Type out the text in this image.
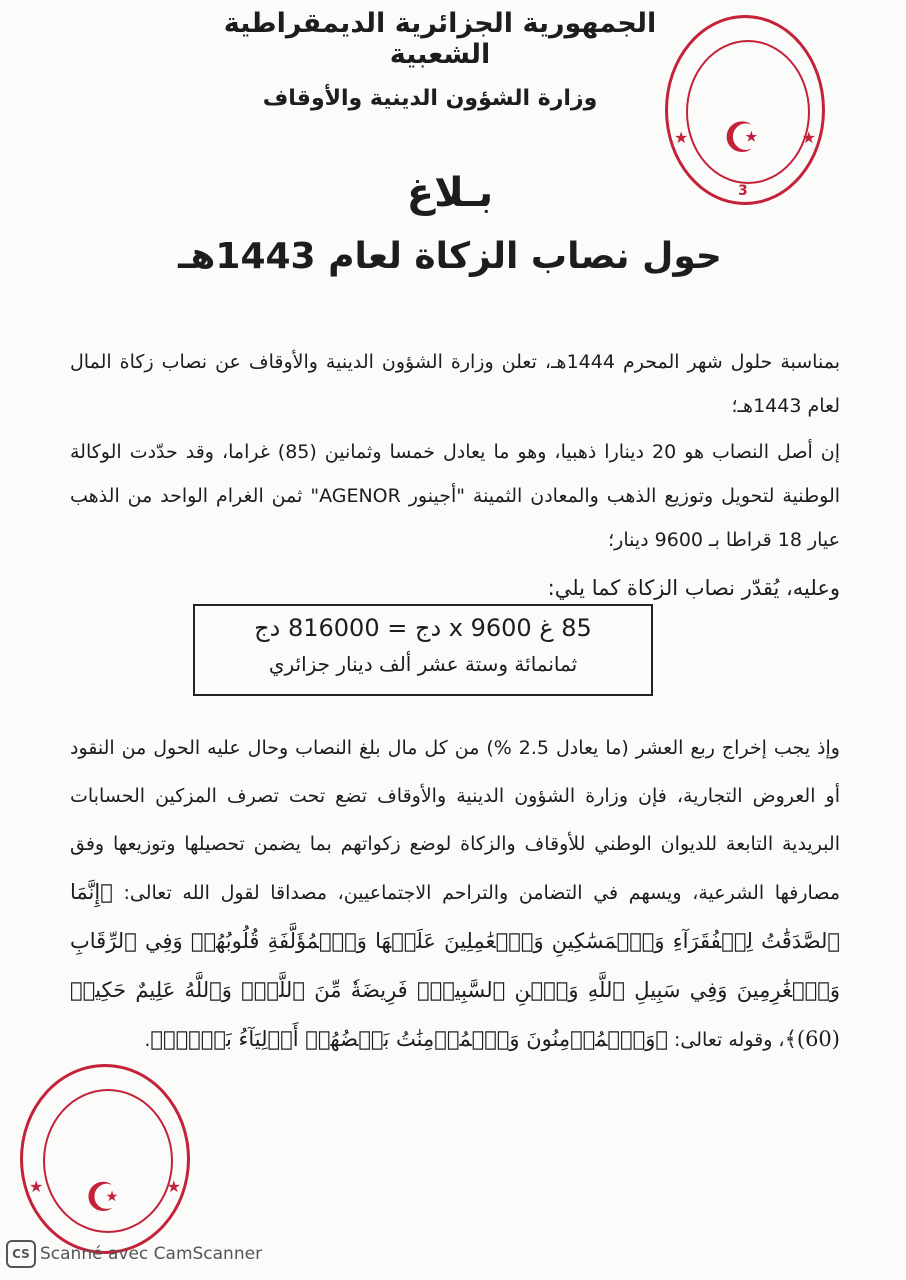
الجمهورية الجزائرية الديمقراطية الشعبية
وزارة الشؤون الدينية والأوقاف
★	★
☪
3
بـلاغ
حول نصاب الزكاة لعام 1443هـ
بمناسبة حلول شهر المحرم 1444هـ، تعلن وزارة الشؤون الدينية والأوقاف عن نصاب زكاة المال لعام 1443هـ؛
إن أصل النصاب هو 20 دينارا ذهبيا، وهو ما يعادل خمسا وثمانين (85) غراما، وقد حدّدت الوكالة الوطنية لتحويل وتوزيع الذهب والمعادن الثمينة "أجينور AGENOR" ثمن الغرام الواحد من الذهب عيار 18 قراطا بـ 9600 دينار؛
وعليه، يُقدّر نصاب الزكاة كما يلي:
85 غ x 9600 دج = 816000 دج
ثمانمائة وستة عشر ألف دينار جزائري
وإذ يجب إخراج ربع العشر (ما يعادل 2.5 %) من كل مال بلغ النصاب وحال عليه الحول من النقود أو العروض التجارية، فإن وزارة الشؤون الدينية والأوقاف تضع تحت تصرف المزكين الحسابات البريدية التابعة للديوان الوطني للأوقاف والزكاة لوضع زكواتهم بما يضمن تحصيلها وتوزيعها وفق مصارفها الشرعية، ويسهم في التضامن والتراحم الاجتماعيين، مصداقا لقول الله تعالى: ﴿إِنَّمَا ٱلصَّدَقَٰتُ لِلۡفُقَرَآءِ وَٱلۡمَسَٰكِينِ وَٱلۡعَٰمِلِينَ عَلَيۡهَا وَٱلۡمُؤَلَّفَةِ قُلُوبُهُمۡ وَفِي ٱلرِّقَابِ وَٱلۡغَٰرِمِينَ وَفِي سَبِيلِ ٱللَّهِ وَٱبۡنِ ٱلسَّبِيلِۖ فَرِيضَةٗ مِّنَ ٱللَّهِۗ وَٱللَّهُ عَلِيمٌ حَكِيمٞ (60)﴾، وقوله تعالى: ﴿وَٱلۡمُؤۡمِنُونَ وَٱلۡمُؤۡمِنَٰتُ بَعۡضُهُمۡ أَوۡلِيَآءُ بَعۡضٖۚ﴾.
★	★
☪
CS Scanné avec CamScanner
